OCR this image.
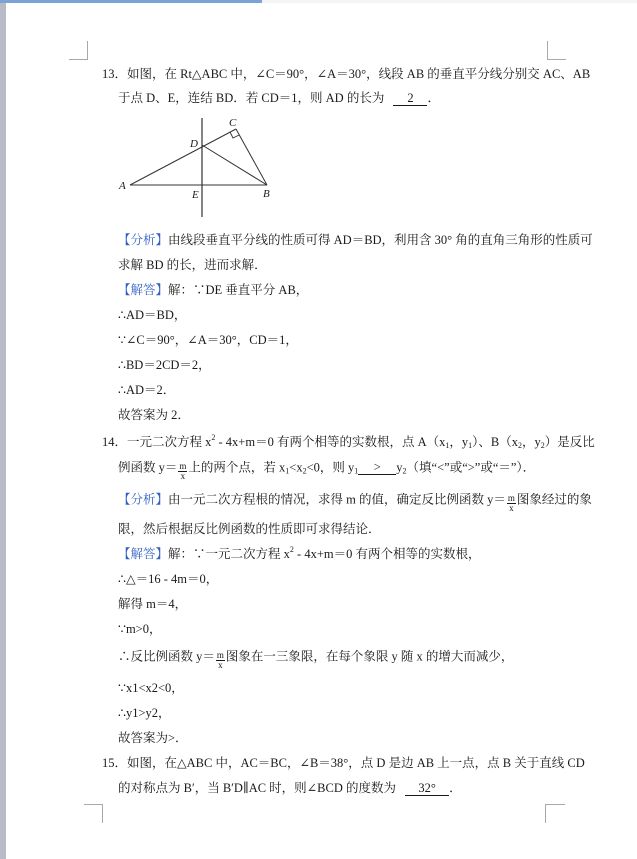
13．如图，在 Rt△ABC 中，∠C＝90°，∠A＝30°，线段 AB 的垂直平分线分别交 AC、AB
于点 D、E，连结 BD．若 CD＝1，则 AD 的长为 2 ．
C
D
A
E	B
【分析】由线段垂直平分线的性质可得 AD＝BD，利用含 30° 角的直角三角形的性质可
求解 BD 的长，进而求解．
【解答】解：∵DE 垂直平分 AB，
∴AD＝BD，
∵∠C＝90°，∠A＝30°，CD＝1，
∴BD＝2CD＝2，
∴AD＝2．
故答案为 2．
14．一元二次方程 $x^2 - 4x+m=0$ 有两个相等的实数根，点 $A(x_1$，$y_1$）、$B(x_2$，$y_2$）是反比
例函数 $y= \frac{m}{x}$ 上的两个点，若 $x_1<x_2<0$，则 $y_1 > y_2$（填“<”或“>”或“＝”）．
【分析】由一元二次方程根的情况，求得 m 的值，确定反比例函数 $y= \frac{m}{x}$ 图象经过的象
限，然后根据反比例函数的性质即可求得结论．
【解答】解：∵一元二次方程 $x^2 - 4x+m=0$ 有两个相等的实数根，
∴△＝16 - 4m＝0，
解得 m＝4，
∵m>0，
∴反比例函数 $y= \frac{m}{x}$ 图象在一三象限，在每个象限 y 随 x 的增大而减少，
∵x1<x2<0，
∴y1>y2，
故答案为>．
15．如图，在△ABC 中，AC＝BC，∠B＝38°，点 D 是边 AB 上一点，点 B 关于直线 CD
的对称点为 B′，当 B′D∥AC 时，则∠BCD 的度数为 32° ．
